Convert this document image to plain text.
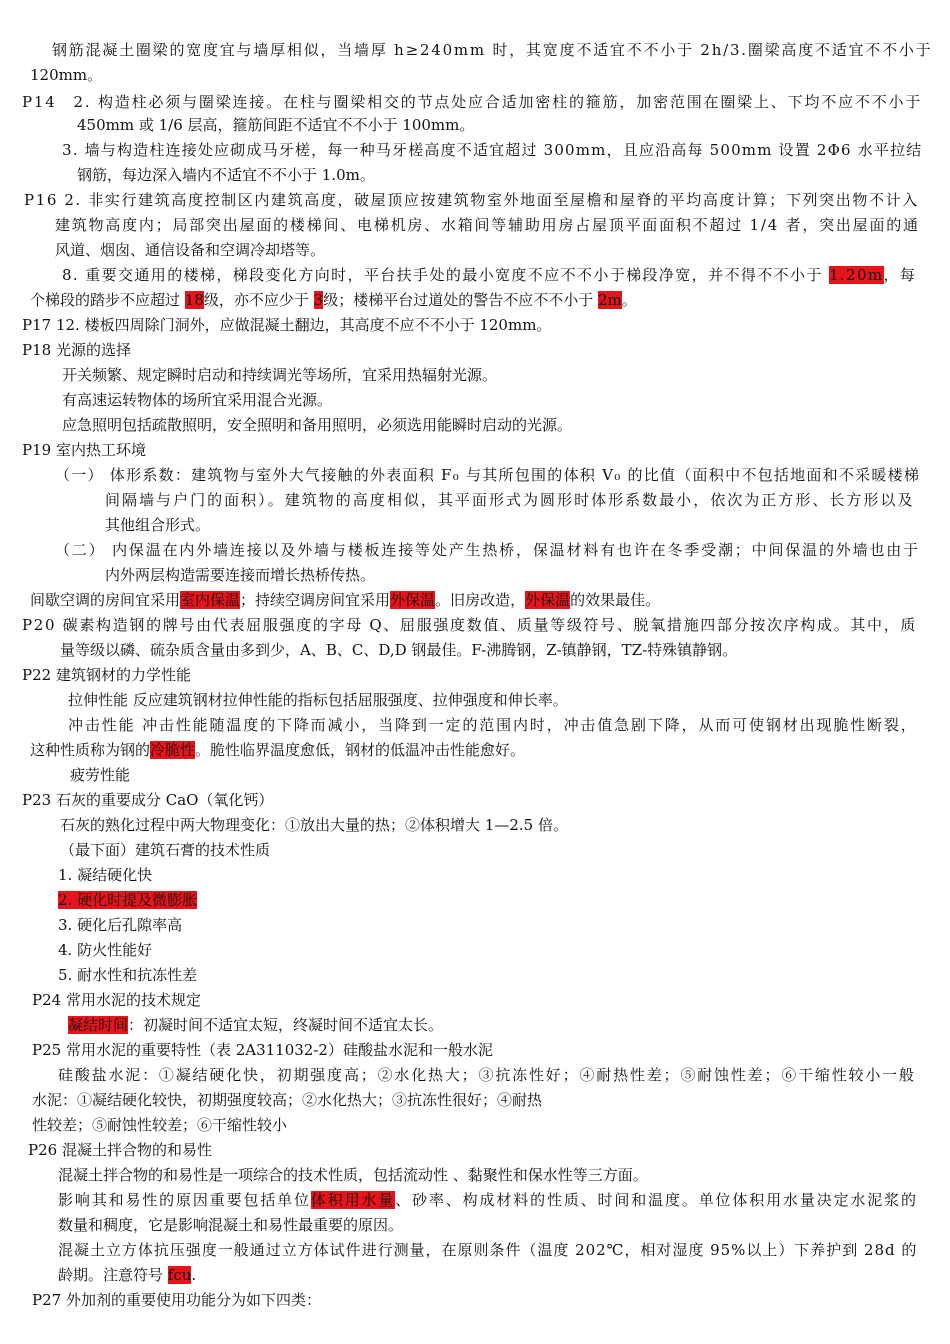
钢筋混凝土圈梁的宽度宜与墙厚相似，当墙厚 h≥240mm 时，其宽度不适宜不不小于 2h/3.圈梁高度不适宜不不小于
120mm。
P14　2. 构造柱必须与圈梁连接。在柱与圈梁相交的节点处应合适加密柱的箍筋，加密范围在圈梁上、下均不应不不小于
450mm 或 1/6 层高，箍筋间距不适宜不不小于 100mm。
3. 墙与构造柱连接处应砌成马牙槎，每一种马牙槎高度不适宜超过 300mm，且应沿高每 500mm 设置 2Φ6 水平拉结
钢筋，每边深入墙内不适宜不不小于 1.0m。
P16 2. 非实行建筑高度控制区内建筑高度，破屋顶应按建筑物室外地面至屋檐和屋脊的平均高度计算；下列突出物不计入
建筑物高度内；局部突出屋面的楼梯间、电梯机房、水箱间等辅助用房占屋顶平面面积不超过 1/4 者，突出屋面的通
风道、烟囱、通信设备和空调冷却塔等。
8. 重要交通用的楼梯，梯段变化方向时，平台扶手处的最小宽度不应不不小于梯段净宽，并不得不不小于 1.20m，每
个梯段的踏步不应超过 18级，亦不应少于 3级；楼梯平台过道处的警告不应不不小于 2m。
P17 12. 楼板四周除门洞外，应做混凝土翻边，其高度不应不不小于 120mm。
P18 光源的选择
开关频繁、规定瞬时启动和持续调光等场所，宜采用热辐射光源。
有高速运转物体的场所宜采用混合光源。
应急照明包括疏散照明，安全照明和备用照明，必须选用能瞬时启动的光源。
P19 室内热工环境
（一） 体形系数：建筑物与室外大气接触的外表面积 F₀ 与其所包围的体积 V₀ 的比值（面积中不包括地面和不采暖楼梯
间隔墙与户门的面积）。建筑物的高度相似，其平面形式为圆形时体形系数最小，依次为正方形、长方形以及
其他组合形式。
（二） 内保温在内外墙连接以及外墙与楼板连接等处产生热桥，保温材料有也许在冬季受潮；中间保温的外墙也由于
内外两层构造需要连接而增长热桥传热。
间歇空调的房间宜采用室内保温；持续空调房间宜采用外保温。旧房改造，外保温的效果最佳。
P20 碳素构造钢的牌号由代表屈服强度的字母 Q、屈服强度数值、质量等级符号、脱氧措施四部分按次序构成。其中，质
量等级以磷、硫杂质含量由多到少，A、B、C、D,D 钢最佳。F-沸腾钢，Z-镇静钢，TZ-特殊镇静钢。
P22 建筑钢材的力学性能
拉伸性能 反应建筑钢材拉伸性能的指标包括屈服强度、拉伸强度和伸长率。
冲击性能 冲击性能随温度的下降而减小，当降到一定的范围内时，冲击值急剧下降，从而可使钢材出现脆性断裂，
这种性质称为钢的冷脆性。脆性临界温度愈低，钢材的低温冲击性能愈好。
疲劳性能
P23 石灰的重要成分 CaO（氧化钙）
石灰的熟化过程中两大物理变化：①放出大量的热；②体积增大 1—2.5 倍。
（最下面）建筑石膏的技术性质
1. 凝结硬化快
2. 硬化时提及微膨胀
3. 硬化后孔隙率高
4. 防火性能好
5. 耐水性和抗冻性差
P24 常用水泥的技术规定
凝结时间：初凝时间不适宜太短，终凝时间不适宜太长。
P25 常用水泥的重要特性（表 2A311032-2）硅酸盐水泥和一般水泥
硅酸盐水泥：①凝结硬化快，初期强度高；②水化热大；③抗冻性好；④耐热性差；⑤耐蚀性差；⑥干缩性较小一般
水泥：①凝结硬化较快，初期强度较高；②水化热大；③抗冻性很好；④耐热
性较差；⑤耐蚀性较差；⑥干缩性较小
P26 混凝土拌合物的和易性
混凝土拌合物的和易性是一项综合的技术性质，包括流动性 、黏聚性和保水性等三方面。
影响其和易性的原因重要包括单位体积用水量、砂率、构成材料的性质、时间和温度。单位体积用水量决定水泥浆的
数量和稠度，它是影响混凝土和易性最重要的原因。
混凝土立方体抗压强度一般通过立方体试件进行测量，在原则条件（温度 202℃，相对湿度 95%以上）下养护到 28d 的
龄期。注意符号 fcu.
P27 外加剂的重要使用功能分为如下四类：
